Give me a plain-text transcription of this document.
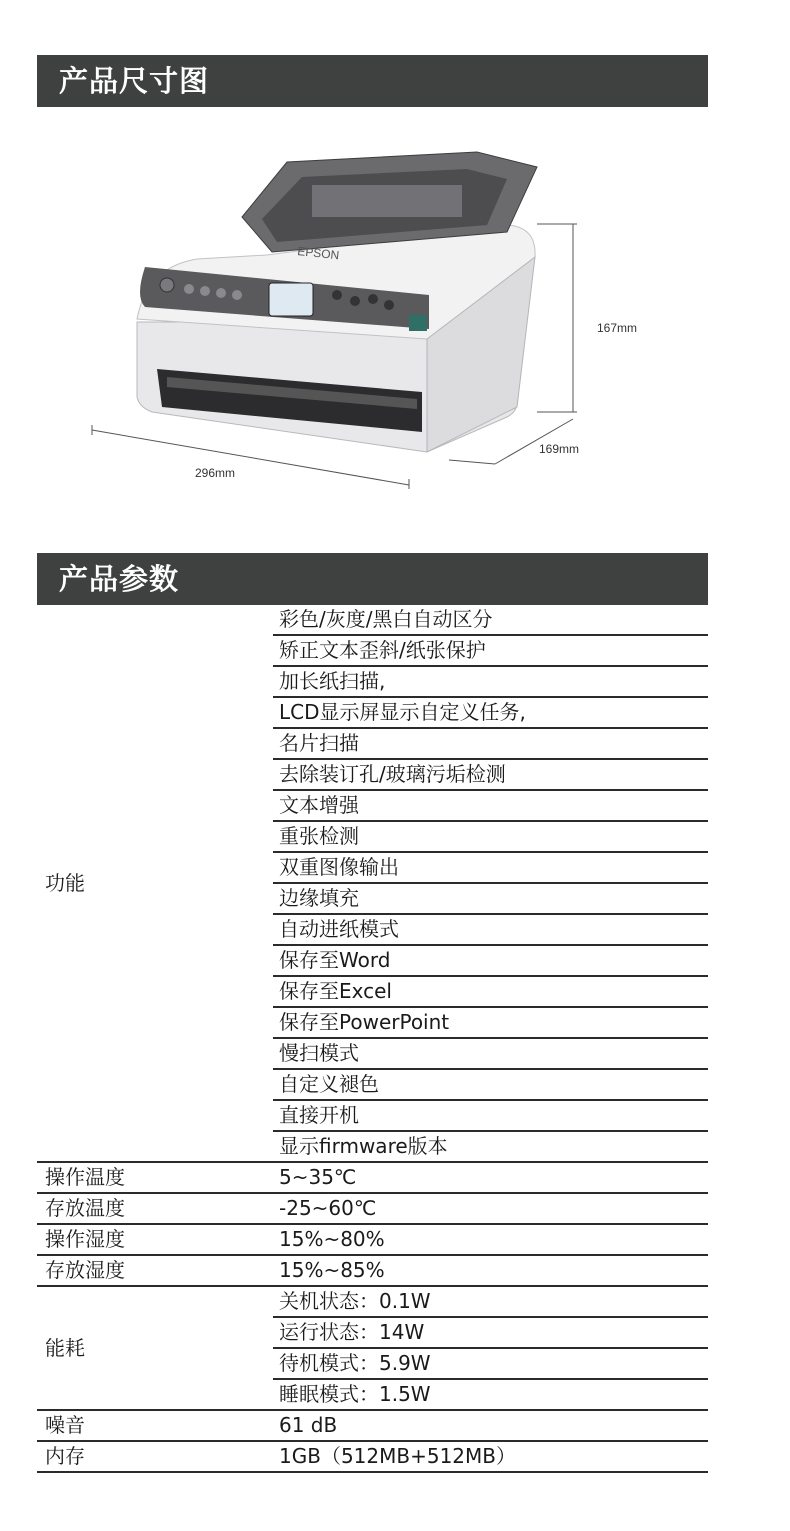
产品尺寸图
EPSON
167mm
169mm
296mm
产品参数
功能	彩色/灰度/黑白自动区分
	矫正文本歪斜/纸张保护
	加长纸扫描,
	LCD显示屏显示自定义任务,
	名片扫描
	去除装订孔/玻璃污垢检测
	文本增强
	重张检测
	双重图像输出
	边缘填充
	自动进纸模式
	保存至Word
	保存至Excel
	保存至PowerPoint
	慢扫模式
	自定义褪色
	直接开机
	显示firmware版本
操作温度	5~35℃
存放温度	-25~60℃
操作湿度	15%~80%
存放湿度	15%~85%
能耗	关机状态：0.1W
	运行状态：14W
	待机模式：5.9W
	睡眠模式：1.5W
噪音	61 dB
内存	1GB（512MB+512MB）
